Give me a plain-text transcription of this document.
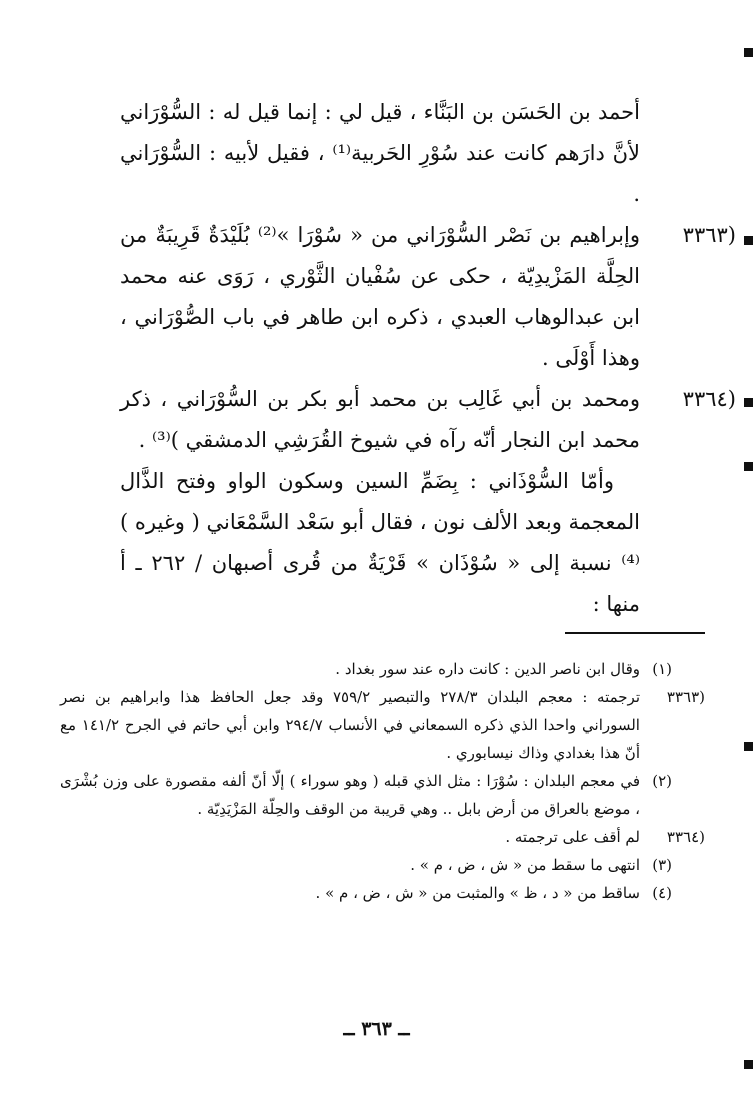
أحمد بن الحَسَن بن البَنَّاء ، قيل لي : إنما قيل له : السُّوْرَاني لأنَّ دارَهم كانت عند سُوْرِ الحَربية⁽¹⁾ ، فقيل لأبيه : السُّوْرَاني .

(٣٣٦٣

وإبراهيم بن نَصْر السُّوْرَاني من « سُوْرَا »⁽²⁾ بُلَيْدَةٌ قَرِيبَةٌ من الحِلَّة المَزْيدِيّة ، حكى عن سُفْيان الثَّوْري ، رَوَى عنه محمد ابن عبدالوهاب العبدي ، ذكره ابن طاهر في باب الصُّوْرَاني ، وهذا أَوْلَى .

(٣٣٦٤

ومحمد بن أبي غَالِب بن محمد أبو بكر بن السُّوْرَاني ، ذكر محمد ابن النجار أنّه رآه في شيوخ القُرَشِي الدمشقي )⁽³⁾ .

وأمّا السُّوْذَاني : بِضَمِّ السين وسكون الواو وفتح الذَّال المعجمة وبعد الألف نون ، فقال أبو سَعْد السَّمْعَاني ( وغيره )⁽⁴⁾ نسبة إلى « سُوْذَان » قَرْيَةٌ من قُرى أصبهان / ٢٦٢ ـ أ منها :

(١)

وقال ابن ناصر الدين : كانت داره عند سور بغداد .

(٣٣٦٣

ترجمته : معجم البلدان ٢٧٨/٣ والتبصير ٧٥٩/٢ وقد جعل الحافظ هذا وابراهيم بن نصر السوراني واحدا الذي ذكره السمعاني في الأنساب ٢٩٤/٧ وابن أبي حاتم في الجرح ١٤١/٢ مع أنّ هذا بغدادي وذاك نيسابوري .

(٢)

في معجم البلدان : سُوْرَا : مثل الذي قبله ( وهو سوراء ) إلّا أنّ ألفه مقصورة على وزن بُشْرَى ، موضع بالعراق من أرض بابل .. وهي قريبة من الوقف والحِلّة المَزْيَدِيّة .

(٣٣٦٤

لم أقف على ترجمته .

(٣)

انتهى ما سقط من « ش ، ض ، م » .

(٤)

ساقط من « د ، ظ » والمثبت من « ش ، ض ، م » .

ــ ٣٦٣ ــ
